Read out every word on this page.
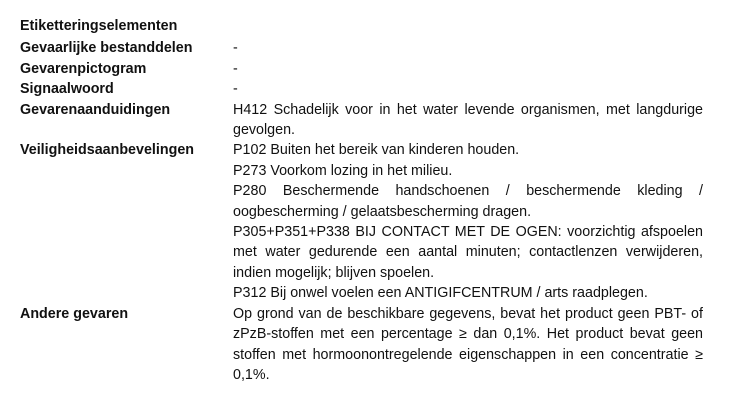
Etiketteringselementen
Gevaarlijke bestanddelen	-

Gevarenpictogram	-

Signaalwoord	-

Gevarenaanduidingen	H412 Schadelijk voor in het water levende organismen, met langdurige gevolgen.

Veiligheidsaanbevelingen	P102 Buiten het bereik van kinderen houden.

P273 Voorkom lozing in het milieu.

P280 Beschermende handschoenen / beschermende kleding / oogbescherming / gelaatsbescherming dragen.

P305+P351+P338 BIJ CONTACT MET DE OGEN: voorzichtig afspoelen met water gedurende een aantal minuten; contactlenzen verwijderen, indien mogelijk; blijven spoelen.

P312 Bij onwel voelen een ANTIGIFCENTRUM / arts raadplegen.

Andere gevaren	Op grond van de beschikbare gegevens, bevat het product geen PBT- of zPzB-stoffen met een percentage ≥ dan 0,1%. Het product bevat geen stoffen met hormoonontregelende eigenschappen in een concentratie ≥ 0,1%.
